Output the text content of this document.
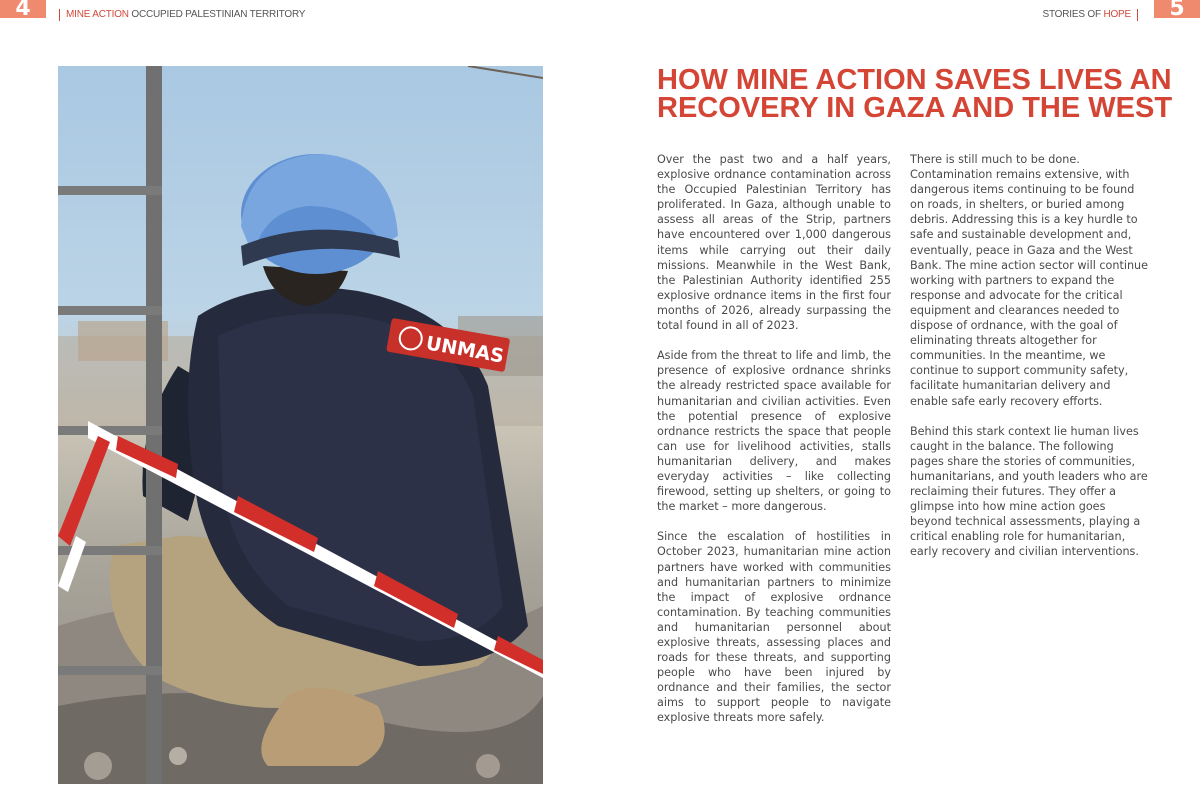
4	MINE ACTION OCCUPIED PALESTINIAN TERRITORY	STORIES OF HOPE	5
UNMAS
HOW MINE ACTION SAVES LIVES AN
RECOVERY IN GAZA AND THE WEST

Over the past two and a half years, explosive ordnance contamination across the Occupied Palestinian Territory has proliferated. In Gaza, although unable to assess all areas of the Strip, partners have encountered over 1,000 dangerous items while carrying out their daily missions. Meanwhile in the West Bank, the Palestinian Authority identified 255 explosive ordnance items in the first four months of 2026, already surpassing the total found in all of 2023.

Aside from the threat to life and limb, the presence of explosive ordnance shrinks the already restricted space available for humanitarian and civilian activities. Even the potential presence of explosive ordnance restricts the space that people can use for livelihood activities, stalls humanitarian delivery, and makes everyday activities – like collecting firewood, setting up shelters, or going to the market – more dangerous.

Since the escalation of hostilities in October 2023, humanitarian mine action partners have worked with communities and humanitarian partners to minimize the impact of explosive ordnance contamination. By teaching communities and humanitarian personnel about explosive threats, assessing places and roads for these threats, and supporting people who have been injured by ordnance and their families, the sector aims to support people to navigate explosive threats more safely.

There is still much to be done. Contamination remains extensive, with dangerous items continuing to be found on roads, in shelters, or buried among debris. Addressing this is a key hurdle to safe and sustainable development and, eventually, peace in Gaza and the West Bank. The mine action sector will continue working with partners to expand the response and advocate for the critical equipment and clearances needed to dispose of ordnance, with the goal of eliminating threats altogether for communities. In the meantime, we continue to support community safety, facilitate humanitarian delivery and enable safe early recovery efforts.

Behind this stark context lie human lives caught in the balance. The following pages share the stories of communities, humanitarians, and youth leaders who are reclaiming their futures. They offer a glimpse into how mine action goes beyond technical assessments, playing a critical enabling role for humanitarian, early recovery and civilian interventions.
